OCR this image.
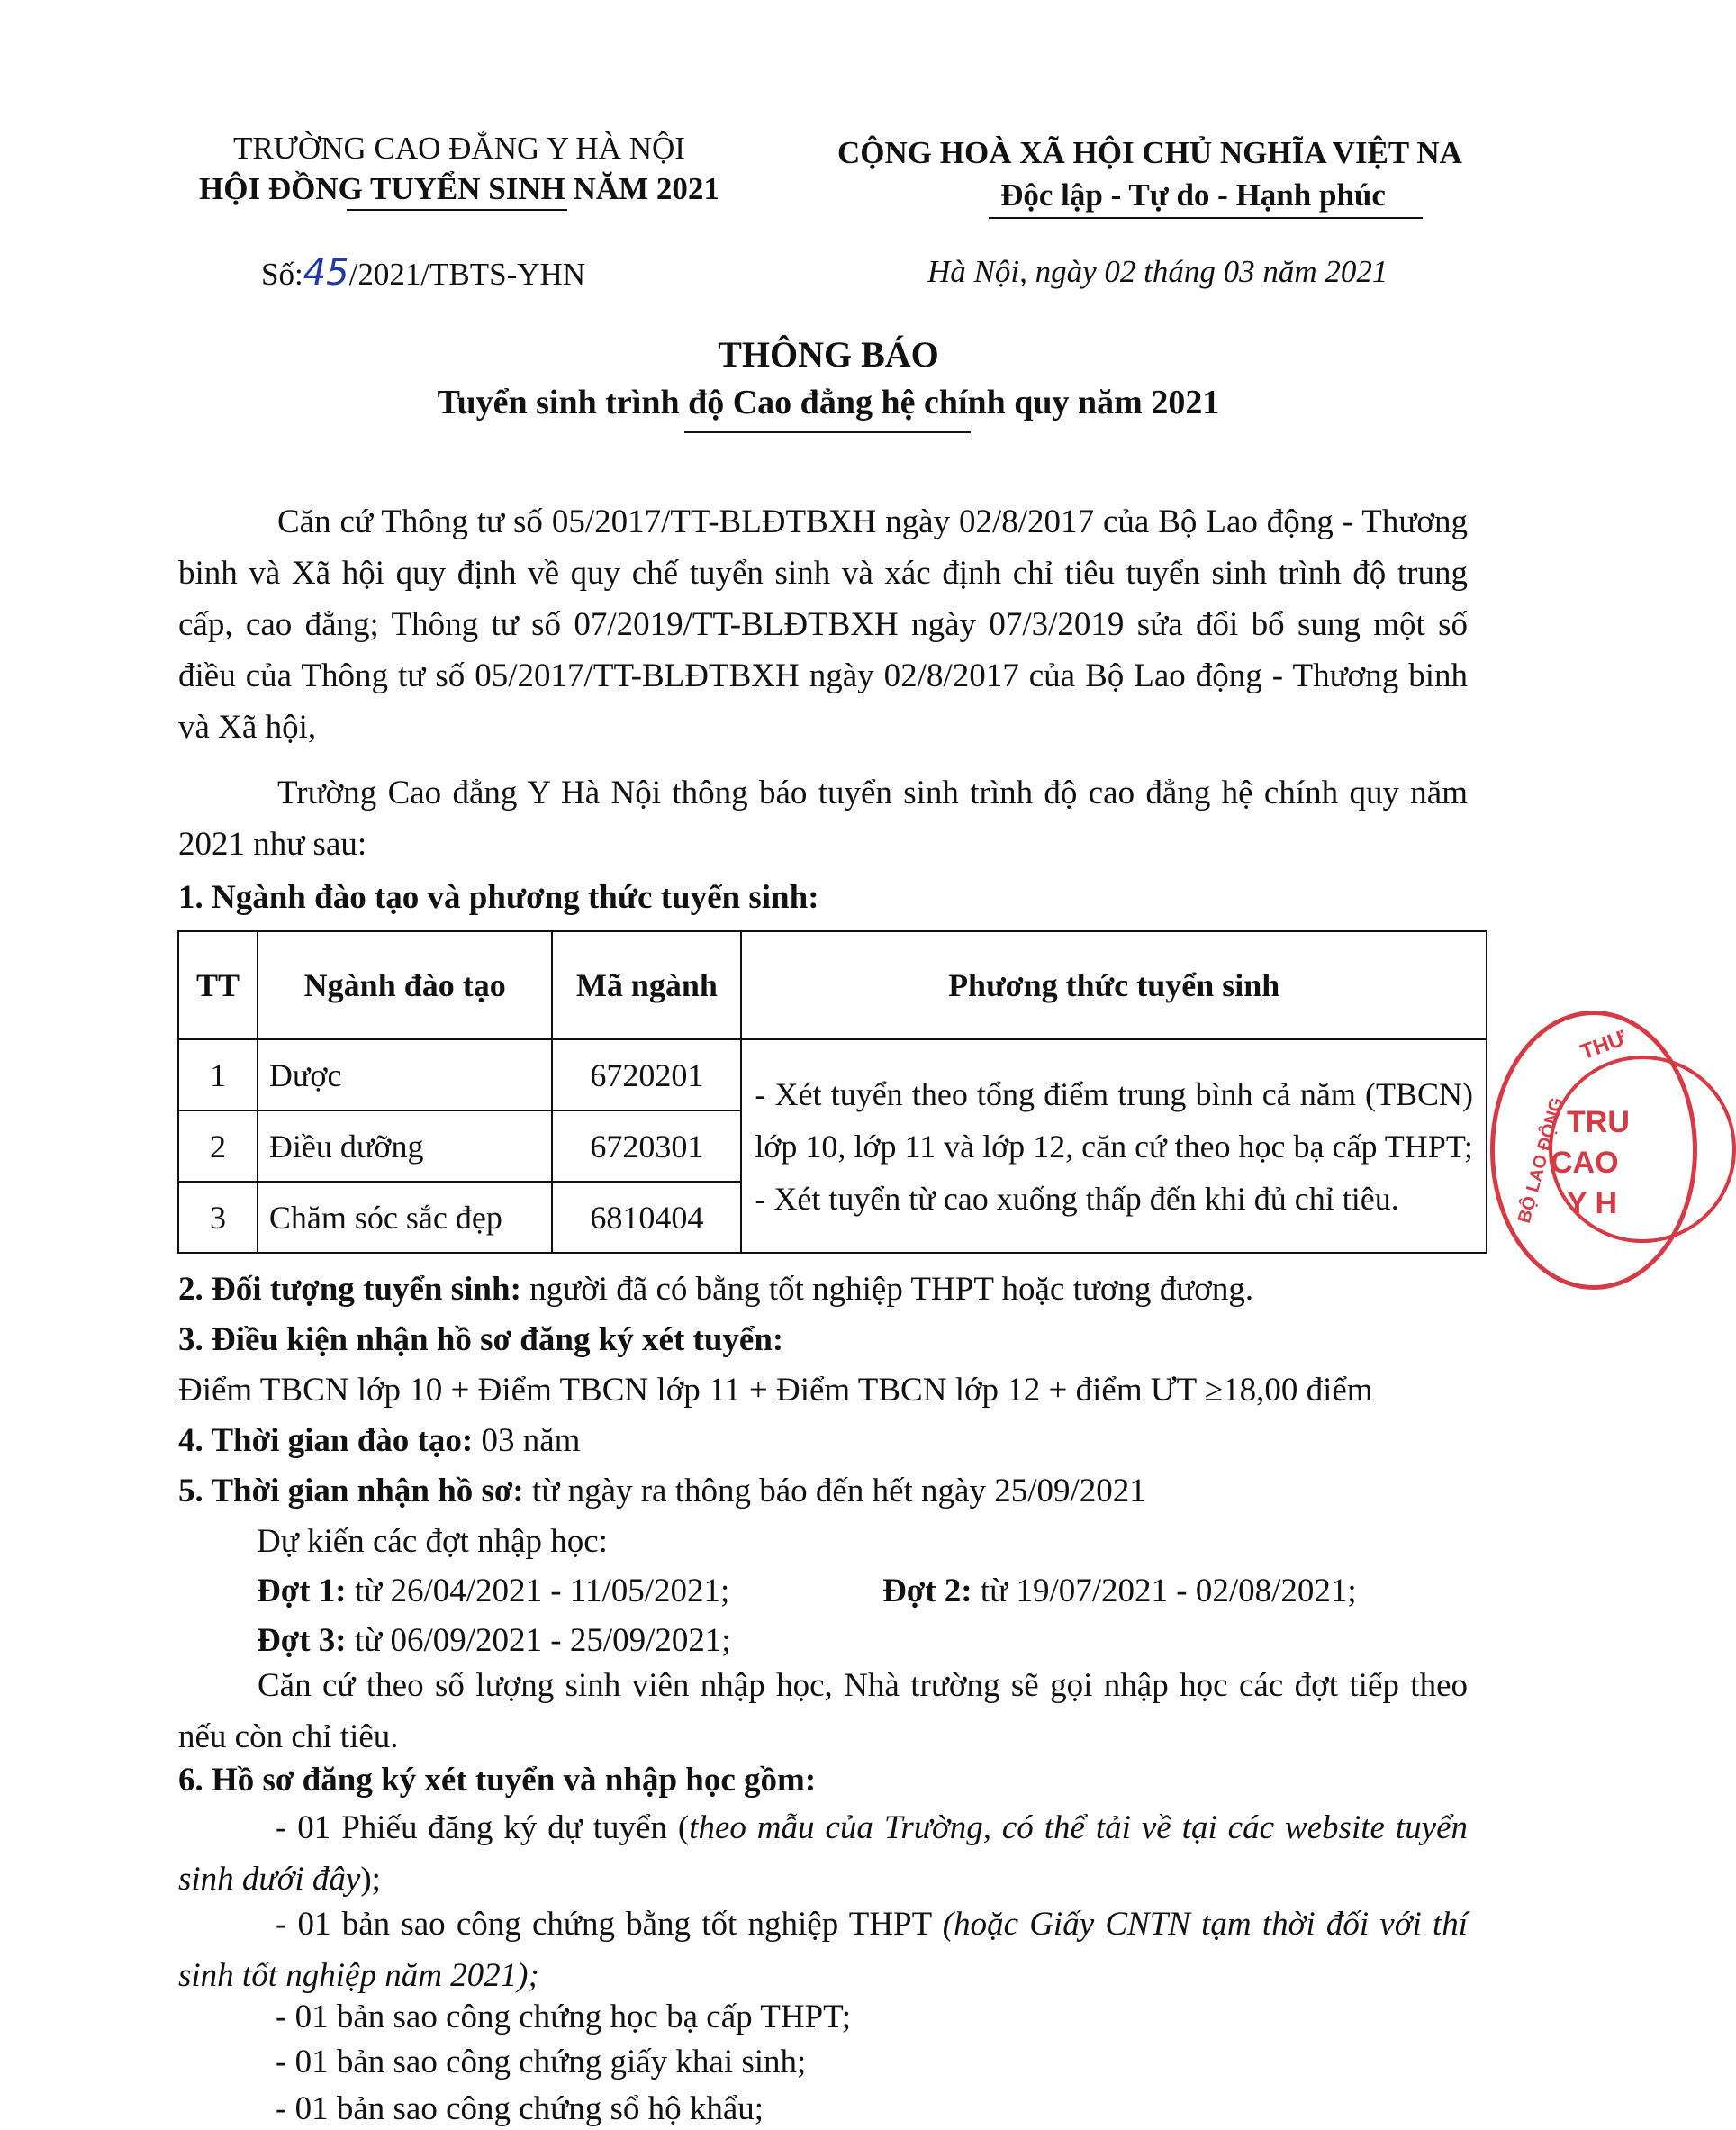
TRƯỜNG CAO ĐẲNG Y HÀ NỘI
HỘI ĐỒNG TUYỂN SINH NĂM 2021
CỘNG HOÀ XÃ HỘI CHỦ NGHĨA VIỆT NA
Độc lập - Tự do - Hạnh phúc
Số:45/2021/TBTS-YHN	Hà Nội, ngày 02 tháng 03 năm 2021
THÔNG BÁO
Tuyển sinh trình độ Cao đẳng hệ chính quy năm 2021
Căn cứ Thông tư số 05/2017/TT-BLĐTBXH ngày 02/8/2017 của Bộ Lao động - Thương binh và Xã hội quy định về quy chế tuyển sinh và xác định chỉ tiêu tuyển sinh trình độ trung cấp, cao đẳng; Thông tư số 07/2019/TT-BLĐTBXH ngày 07/3/2019 sửa đổi bổ sung một số điều của Thông tư số 05/2017/TT-BLĐTBXH ngày 02/8/2017 của Bộ Lao động - Thương binh và Xã hội,
Trường Cao đẳng Y Hà Nội thông báo tuyển sinh trình độ cao đẳng hệ chính quy năm 2021 như sau:
1. Ngành đào tạo và phương thức tuyển sinh:
TT	Ngành đào tạo	Mã ngành	Phương thức tuyển sinh
1	Dược	6720201	- Xét tuyển theo tổng điểm trung bình cả năm (TBCN) lớp 10, lớp 11 và lớp 12, căn cứ theo học bạ cấp THPT;
- Xét tuyển từ cao xuống thấp đến khi đủ chỉ tiêu.

2	Điều dưỡng	6720301	
3	Chăm sóc sắc đẹp	6810404	
2. Đối tượng tuyển sinh: người đã có bằng tốt nghiệp THPT hoặc tương đương.
3. Điều kiện nhận hồ sơ đăng ký xét tuyển:
Điểm TBCN lớp 10 + Điểm TBCN lớp 11 + Điểm TBCN lớp 12 + điểm ƯT ≥18,00 điểm
4. Thời gian đào tạo: 03 năm
5. Thời gian nhận hồ sơ: từ ngày ra thông báo đến hết ngày 25/09/2021
Dự kiến các đợt nhập học:
Đợt 1: từ 26/04/2021 - 11/05/2021;	Đợt 2: từ 19/07/2021 - 02/08/2021;
Đợt 3: từ 06/09/2021 - 25/09/2021;
Căn cứ theo số lượng sinh viên nhập học, Nhà trường sẽ gọi nhập học các đợt tiếp theo nếu còn chỉ tiêu.
6. Hồ sơ đăng ký xét tuyển và nhập học gồm:
- 01 Phiếu đăng ký dự tuyển (theo mẫu của Trường, có thể tải về tại các website tuyển sinh dưới đây);
- 01 bản sao công chứng bằng tốt nghiệp THPT (hoặc Giấy CNTN tạm thời đối với thí sinh tốt nghiệp năm 2021);
- 01 bản sao công chứng học bạ cấp THPT;
- 01 bản sao công chứng giấy khai sinh;
- 01 bản sao công chứng sổ hộ khẩu;
THƯ
BỘ LAO ĐỘNG TRU
CAO
Y H
